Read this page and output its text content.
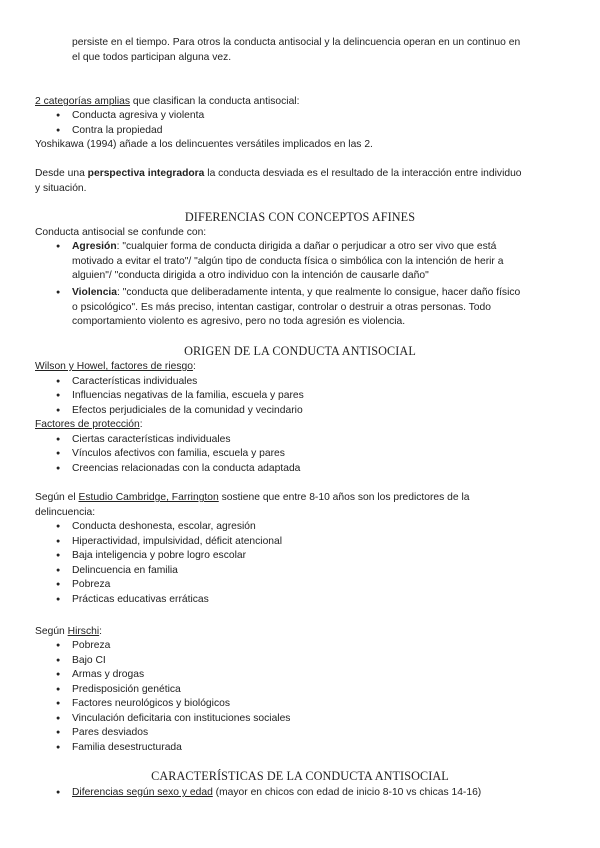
persiste en el tiempo. Para otros la conducta antisocial y la delincuencia operan en un continuo en
el que todos participan alguna vez.
2 categorías amplias que clasifican la conducta antisocial:
● Conducta agresiva y violenta
● Contra la propiedad
Yoshikawa (1994) añade a los delincuentes versátiles implicados en las 2.
Desde una perspectiva integradora la conducta desviada es el resultado de la interacción entre individuo
y situación.
DIFERENCIAS CON CONCEPTOS AFINES
Conducta antisocial se confunde con:
● Agresión: "cualquier forma de conducta dirigida a dañar o perjudicar a otro ser vivo que está
motivado a evitar el trato"/ "algún tipo de conducta física o simbólica con la intención de herir a
alguien"/ "conducta dirigida a otro individuo con la intención de causarle daño"
● Violencia: "conducta que deliberadamente intenta, y que realmente lo consigue, hacer daño físico
o psicológico". Es más preciso, intentan castigar, controlar o destruir a otras personas. Todo
comportamiento violento es agresivo, pero no toda agresión es violencia.
ORIGEN DE LA CONDUCTA ANTISOCIAL
Wilson y Howel, factores de riesgo:
● Características individuales
● Influencias negativas de la familia, escuela y pares
● Efectos perjudiciales de la comunidad y vecindario
Factores de protección:
● Ciertas características individuales
● Vínculos afectivos con familia, escuela y pares
● Creencias relacionadas con la conducta adaptada
Según el Estudio Cambridge, Farrington sostiene que entre 8-10 años son los predictores de la
delincuencia:
● Conducta deshonesta, escolar, agresión
● Hiperactividad, impulsividad, déficit atencional
● Baja inteligencia y pobre logro escolar
● Delincuencia en familia
● Pobreza
● Prácticas educativas erráticas
Según Hirschi:
● Pobreza
● Bajo CI
● Armas y drogas
● Predisposición genética
● Factores neurológicos y biológicos
● Vinculación deficitaria con instituciones sociales
● Pares desviados
● Familia desestructurada
CARACTERÍSTICAS DE LA CONDUCTA ANTISOCIAL
● Diferencias según sexo y edad (mayor en chicos con edad de inicio 8-10 vs chicas 14-16)
